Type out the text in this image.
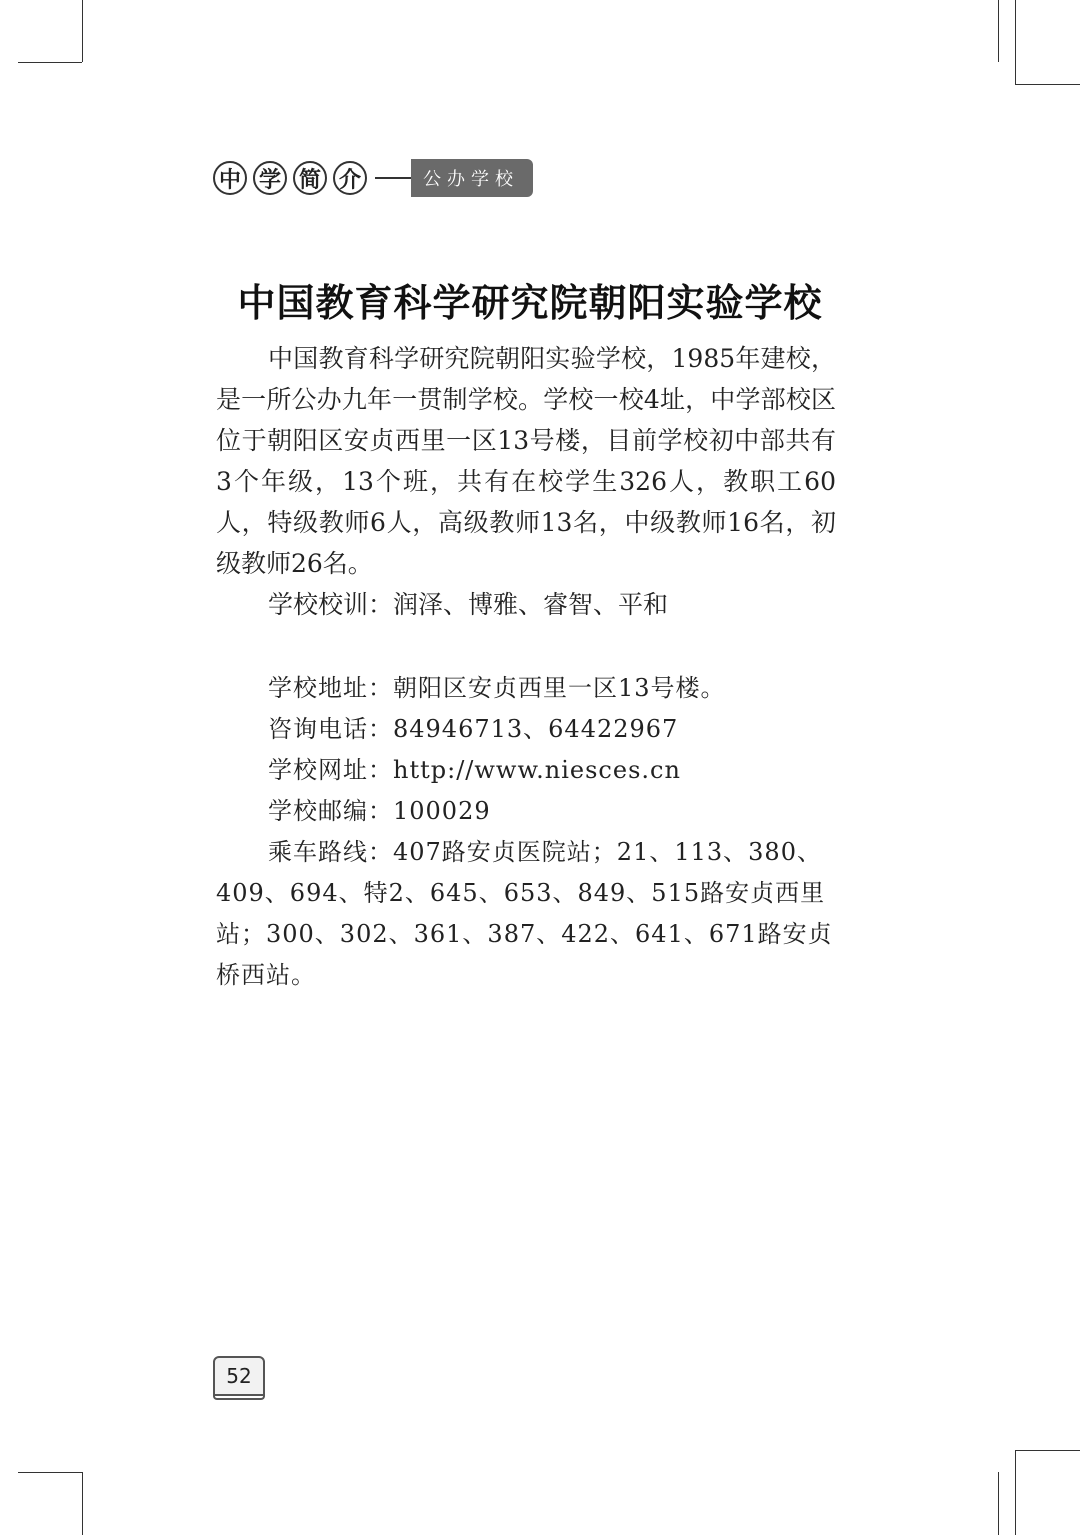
中 学 简 介	公办学校
中国教育科学研究院朝阳实验学校

中国教育科学研究院朝阳实验学校，1985年建校，是一所公办九年一贯制学校。学校一校4址，中学部校区位于朝阳区安贞西里一区13号楼，目前学校初中部共有3个年级，13个班，共有在校学生326人，教职工60人，特级教师6人，高级教师13名，中级教师16名，初级教师26名。

学校校训：润泽、博雅、睿智、平和

学校地址：朝阳区安贞西里一区13号楼。
咨询电话：84946713、64422967
学校网址：http://www.niesces.cn
学校邮编：100029

乘车路线：407路安贞医院站；21、113、380、409、694、特2、645、653、849、515路安贞西里站；300、302、361、387、422、641、671路安贞桥西站。

52
